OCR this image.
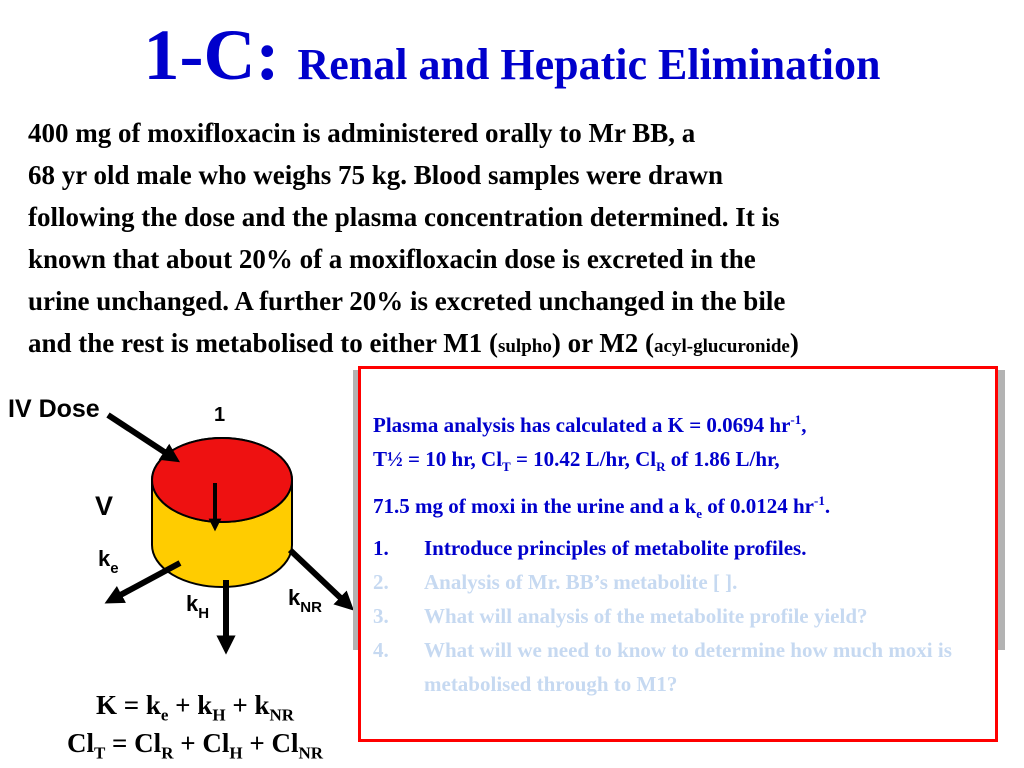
1-C: Renal and Hepatic Elimination
400 mg of moxifloxacin is administered orally to Mr BB, a
68 yr old male who weighs 75 kg. Blood samples were drawn
following the dose and the plasma concentration determined. It is
known that about 20% of a moxifloxacin dose is excreted in the
urine unchanged. A further 20% is excreted unchanged in the bile
and the rest is metabolised to either M1 (sulpho) or M2 (acyl-glucuronide)
IV Dose	1
V
$k_e$
$k_H$
$k_{NR}$
$K = k_e + k_H + k_{NR}$
$Cl_T = Cl_R + Cl_H + Cl_{NR}$

Plasma analysis has calculated a K = 0.0694 $hr^{-1}$,

T½ = 10 hr, $Cl_T = 10.42$ L/hr, $Cl_R$ of 1.86 L/hr,

71.5 mg of moxi in the urine and a $k_e$ of 0.0124 $hr^{-1}$.

1.	Introduce principles of metabolite profiles.
2.	Analysis of Mr. BB’s metabolite [ ].
3.	What will analysis of the metabolite profile yield?
4.	What will we need to know to determine how much moxi is metabolised through to M1?
